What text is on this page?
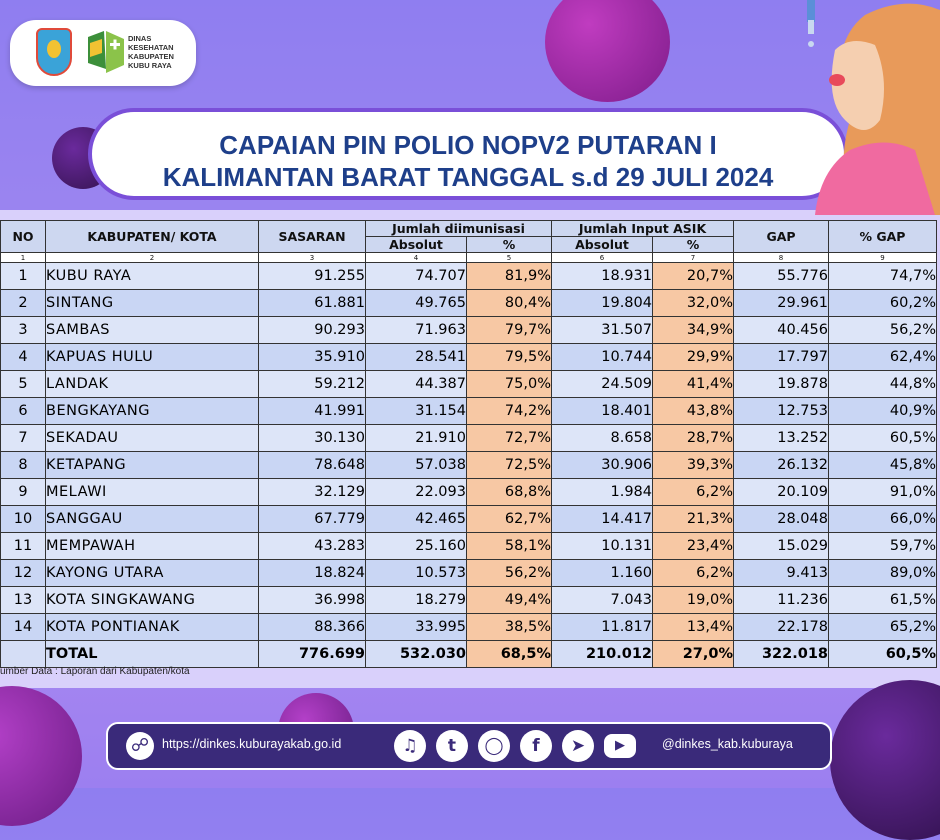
DINAS
KESEHATAN
KABUPATEN
KUBU RAYA
CAPAIAN PIN POLIO NOPV2 PUTARAN I
KALIMANTAN BARAT TANGGAL s.d 29 JULI 2024
NO	KABUPATEN/ KOTA	SASARAN	Jumlah diimunisasi		Jumlah Input ASIK		GAP	% GAP
			Absolut	%	Absolut	%		
1	2	3	4	5	6	7	8	9
1	KUBU RAYA	91.255	74.707	81,9%	18.931	20,7%	55.776	74,7%
2	SINTANG	61.881	49.765	80,4%	19.804	32,0%	29.961	60,2%
3	SAMBAS	90.293	71.963	79,7%	31.507	34,9%	40.456	56,2%
4	KAPUAS HULU	35.910	28.541	79,5%	10.744	29,9%	17.797	62,4%
5	LANDAK	59.212	44.387	75,0%	24.509	41,4%	19.878	44,8%
6	BENGKAYANG	41.991	31.154	74,2%	18.401	43,8%	12.753	40,9%
7	SEKADAU	30.130	21.910	72,7%	8.658	28,7%	13.252	60,5%
8	KETAPANG	78.648	57.038	72,5%	30.906	39,3%	26.132	45,8%
9	MELAWI	32.129	22.093	68,8%	1.984	6,2%	20.109	91,0%
10	SANGGAU	67.779	42.465	62,7%	14.417	21,3%	28.048	66,0%
11	MEMPAWAH	43.283	25.160	58,1%	10.131	23,4%	15.029	59,7%
12	KAYONG UTARA	18.824	10.573	56,2%	1.160	6,2%	9.413	89,0%
13	KOTA SINGKAWANG	36.998	18.279	49,4%	7.043	19,0%	11.236	61,5%
14	KOTA PONTIANAK	88.366	33.995	38,5%	11.817	13,4%	22.178	65,2%
	TOTAL	776.699	532.030	68,5%	210.012	27,0%	322.018	60,5%
umber Data : Laporan dari Kabupaten/kota
☍	https://dinkes.kuburayakab.go.id	♫	t	◯	f	➤	▶	@dinkes_kab.kuburaya
